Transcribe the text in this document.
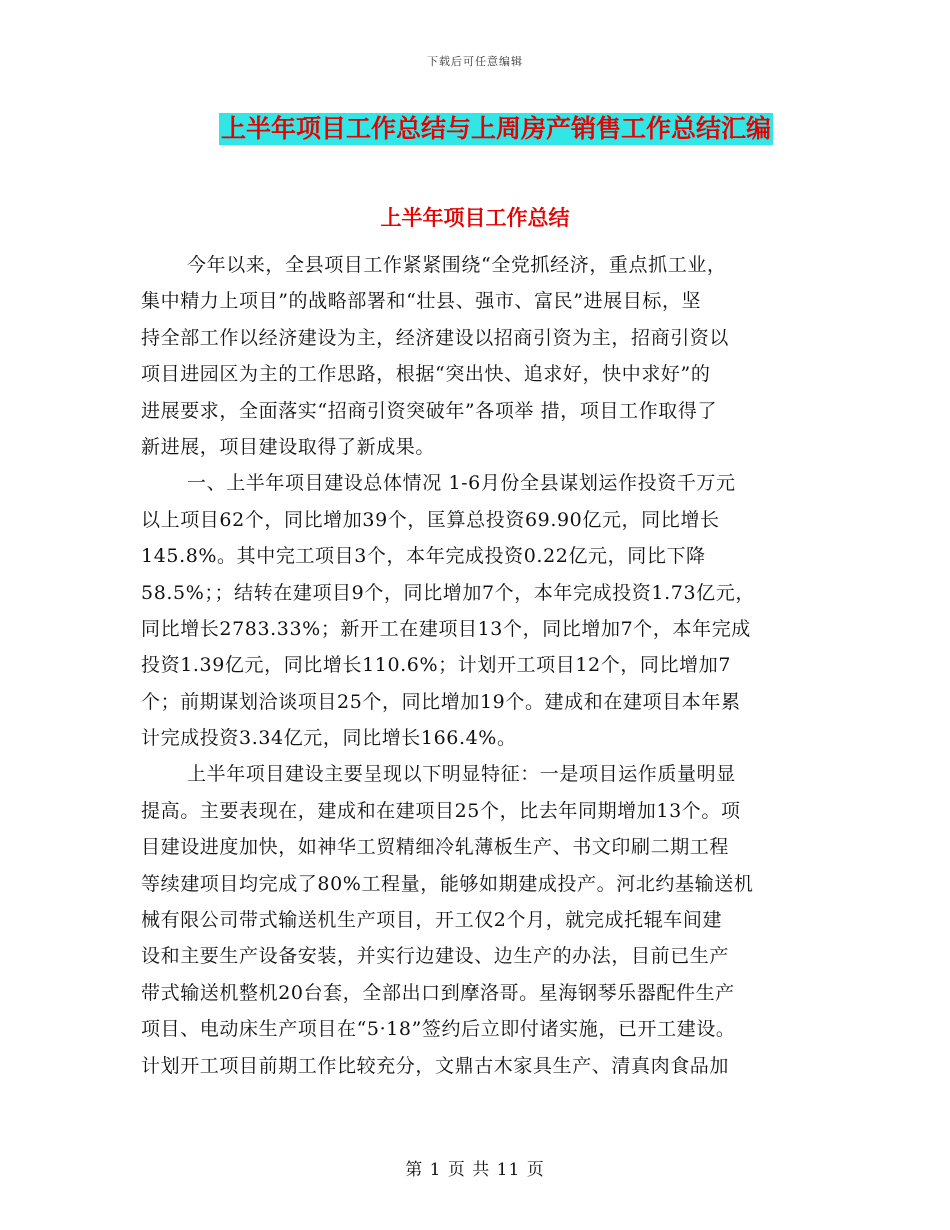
下载后可任意编辑
上半年项目工作总结与上周房产销售工作总结汇编
上半年项目工作总结
今年以来，全县项目工作紧紧围绕“全党抓经济，重点抓工业，
集中精力上项目”的战略部署和“壮县、强市、富民”进展目标，坚
持全部工作以经济建设为主，经济建设以招商引资为主，招商引资以
项目进园区为主的工作思路，根据“突出快、追求好，快中求好”的
进展要求，全面落实“招商引资突破年”各项举 措，项目工作取得了
新进展，项目建设取得了新成果。
一、上半年项目建设总体情况 1-6月份全县谋划运作投资千万元
以上项目62个，同比增加39个，匡算总投资69.90亿元，同比增长
145.8%。其中完工项目3个，本年完成投资0.22亿元，同比下降
58.5%；；结转在建项目9个，同比增加7个，本年完成投资1.73亿元，
同比增长2783.33%；新开工在建项目13个，同比增加7个，本年完成
投资1.39亿元，同比增长110.6%；计划开工项目12个，同比增加7
个；前期谋划洽谈项目25个，同比增加19个。建成和在建项目本年累
计完成投资3.34亿元，同比增长166.4%。
上半年项目建设主要呈现以下明显特征：一是项目运作质量明显
提高。主要表现在，建成和在建项目25个，比去年同期增加13个。项
目建设进度加快，如神华工贸精细冷轧薄板生产、书文印刷二期工程
等续建项目均完成了80%工程量，能够如期建成投产。河北约基输送机
械有限公司带式输送机生产项目，开工仅2个月，就完成托辊车间建
设和主要生产设备安装，并实行边建设、边生产的办法，目前已生产
带式输送机整机20台套，全部出口到摩洛哥。星海钢琴乐器配件生产
项目、电动床生产项目在“5·18”签约后立即付诸实施，已开工建设。
计划开工项目前期工作比较充分，文鼎古木家具生产、清真肉食品加
第 1 页 共 11 页
